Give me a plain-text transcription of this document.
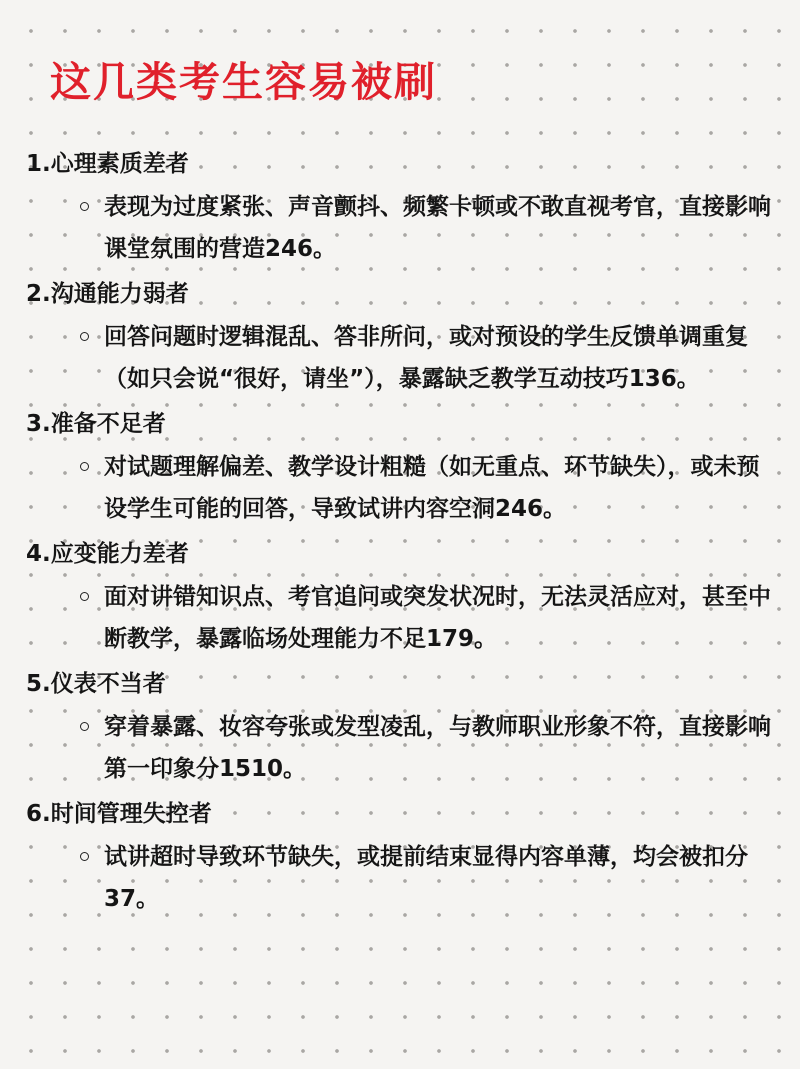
这几类考生容易被刷
1.心理素质差者
表现为过度紧张、声音颤抖、频繁卡顿或不敢直视考官，直接影响课堂氛围的营造246。
2.沟通能力弱者
回答问题时逻辑混乱、答非所问，或对预设的学生反馈单调重复（如只会说“很好，请坐”），暴露缺乏教学互动技巧136。
3.准备不足者
对试题理解偏差、教学设计粗糙（如无重点、环节缺失），或未预设学生可能的回答，导致试讲内容空洞246。
4.应变能力差者
面对讲错知识点、考官追问或突发状况时，无法灵活应对，甚至中断教学，暴露临场处理能力不足179。
5.仪表不当者
穿着暴露、妆容夸张或发型凌乱，与教师职业形象不符，直接影响第一印象分1510。
6.时间管理失控者
试讲超时导致环节缺失，或提前结束显得内容单薄，均会被扣分37。
